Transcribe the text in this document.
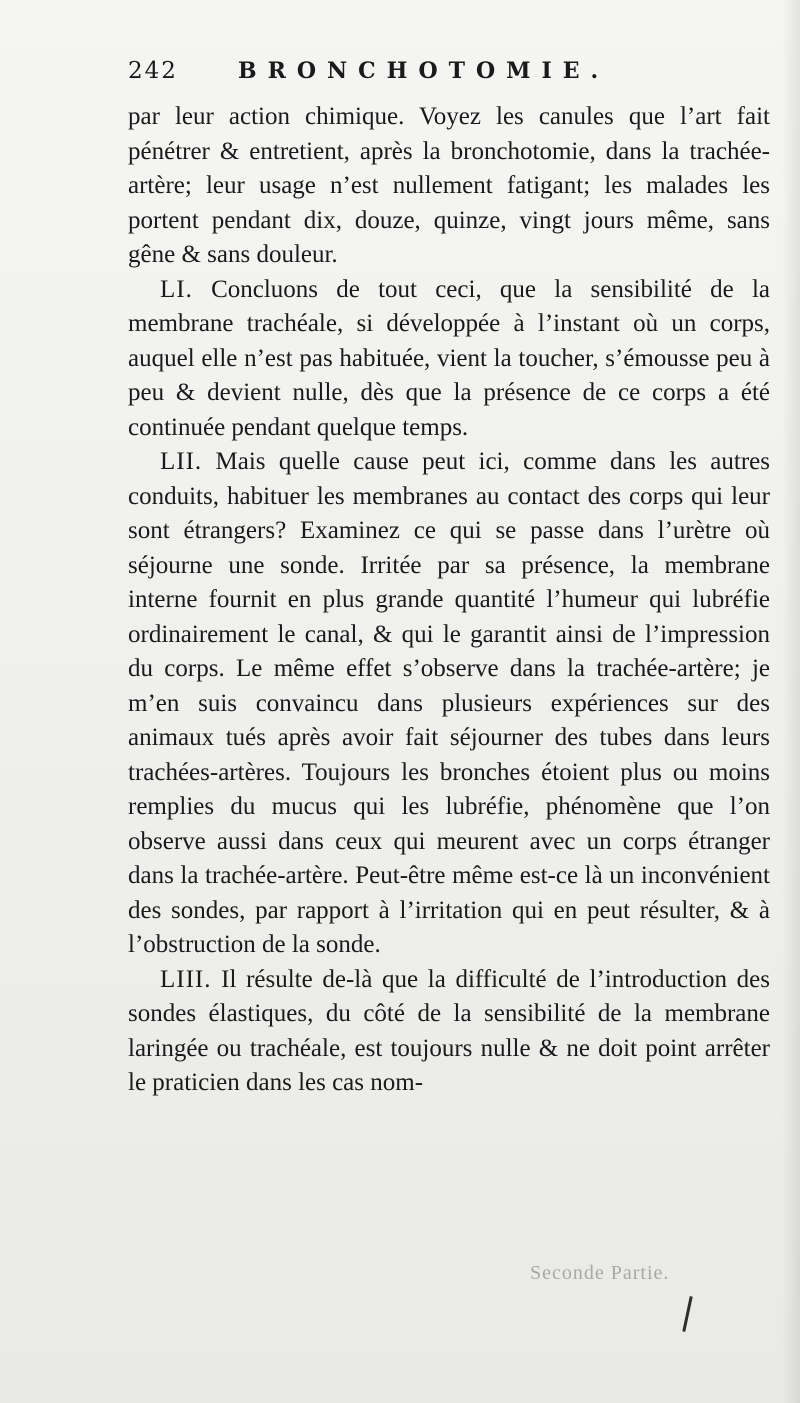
242	BRONCHOTOMIE.

par leur action chimique. Voyez les canules que l’art fait pénétrer & entretient, après la bronchotomie, dans la trachée-artère; leur usage n’est nullement fatigant; les malades les portent pendant dix, douze, quinze, vingt jours même, sans gêne & sans douleur.

LI. Concluons de tout ceci, que la sensibilité de la membrane trachéale, si développée à l’instant où un corps, auquel elle n’est pas habituée, vient la toucher, s’émousse peu à peu & devient nulle, dès que la présence de ce corps a été continuée pendant quelque temps.

LII. Mais quelle cause peut ici, comme dans les autres conduits, habituer les membranes au contact des corps qui leur sont étrangers? Examinez ce qui se passe dans l’urètre où séjourne une sonde. Irritée par sa présence, la membrane interne fournit en plus grande quantité l’humeur qui lubréfie ordinairement le canal, & qui le garantit ainsi de l’impression du corps. Le même effet s’observe dans la trachée-artère; je m’en suis convaincu dans plusieurs expériences sur des animaux tués après avoir fait séjourner des tubes dans leurs trachées-artères. Toujours les bronches étoient plus ou moins remplies du mucus qui les lubréfie, phénomène que l’on observe aussi dans ceux qui meurent avec un corps étranger dans la trachée-artère. Peut-être même est-ce là un inconvénient des sondes, par rapport à l’irritation qui en peut résulter, & à l’obstruction de la sonde.

LIII. Il résulte de-là que la difficulté de l’introduction des sondes élastiques, du côté de la sensibilité de la membrane laringée ou trachéale, est toujours nulle & ne doit point arrêter le praticien dans les cas nom-

Seconde Partie.
